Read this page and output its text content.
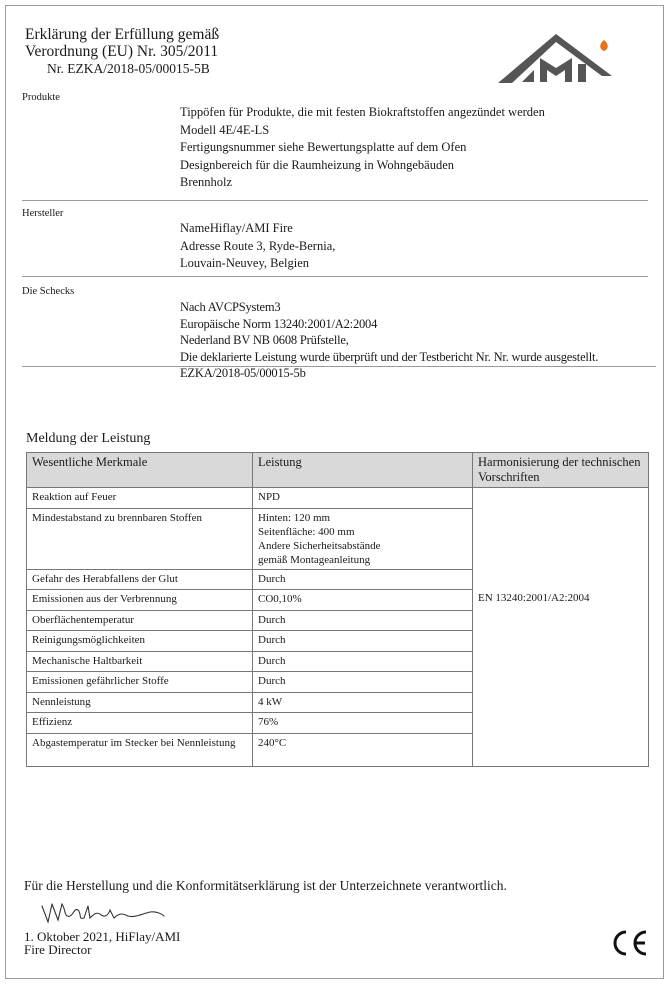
Erklärung der Erfüllung gemäß
Verordnung (EU) Nr. 305/2011
Nr. EZKA/2018-05/00015-5B
Produkte
Tippöfen für Produkte, die mit festen Biokraftstoffen angezündet werden
Modell 4E/4E-LS
Fertigungsnummer siehe Bewertungsplatte auf dem Ofen
Designbereich für die Raumheizung in Wohngebäuden
Brennholz
Hersteller
NameHiflay/AMI Fire
Adresse Route 3, Ryde-Bernia,
Louvain-Neuvey, Belgien
Die Schecks
Nach AVCPSystem3
Europäische Norm 13240:2001/A2:2004
Nederland BV NB 0608 Prüfstelle,
Die deklarierte Leistung wurde überprüft und der Testbericht Nr. Nr. wurde ausgestellt.
EZKA/2018-05/00015-5b
Meldung der Leistung
Wesentliche Merkmale	Leistung	Harmonisierung der technischen Vorschriften
Reaktion auf Feuer	NPD	EN 13240:2001/A2:2004
Mindestabstand zu brennbaren Stoffen	Hinten: 120 mm
Seitenfläche: 400 mm
Andere Sicherheitsabstände
gemäß Montageanleitung	

Gefahr des Herabfallens der Glut	Durch	
Emissionen aus der Verbrennung	CO0,10%	
Oberflächentemperatur	Durch	
Reinigungsmöglichkeiten	Durch	
Mechanische Haltbarkeit	Durch	
Emissionen gefährlicher Stoffe	Durch	
Nennleistung	4 kW	
Effizienz	76%	
Abgastemperatur im Stecker bei Nennleistung	240°C	
Für die Herstellung und die Konformitätserklärung ist der Unterzeichnete verantwortlich.
1. Oktober 2021, HiFlay/AMI
Fire Director
